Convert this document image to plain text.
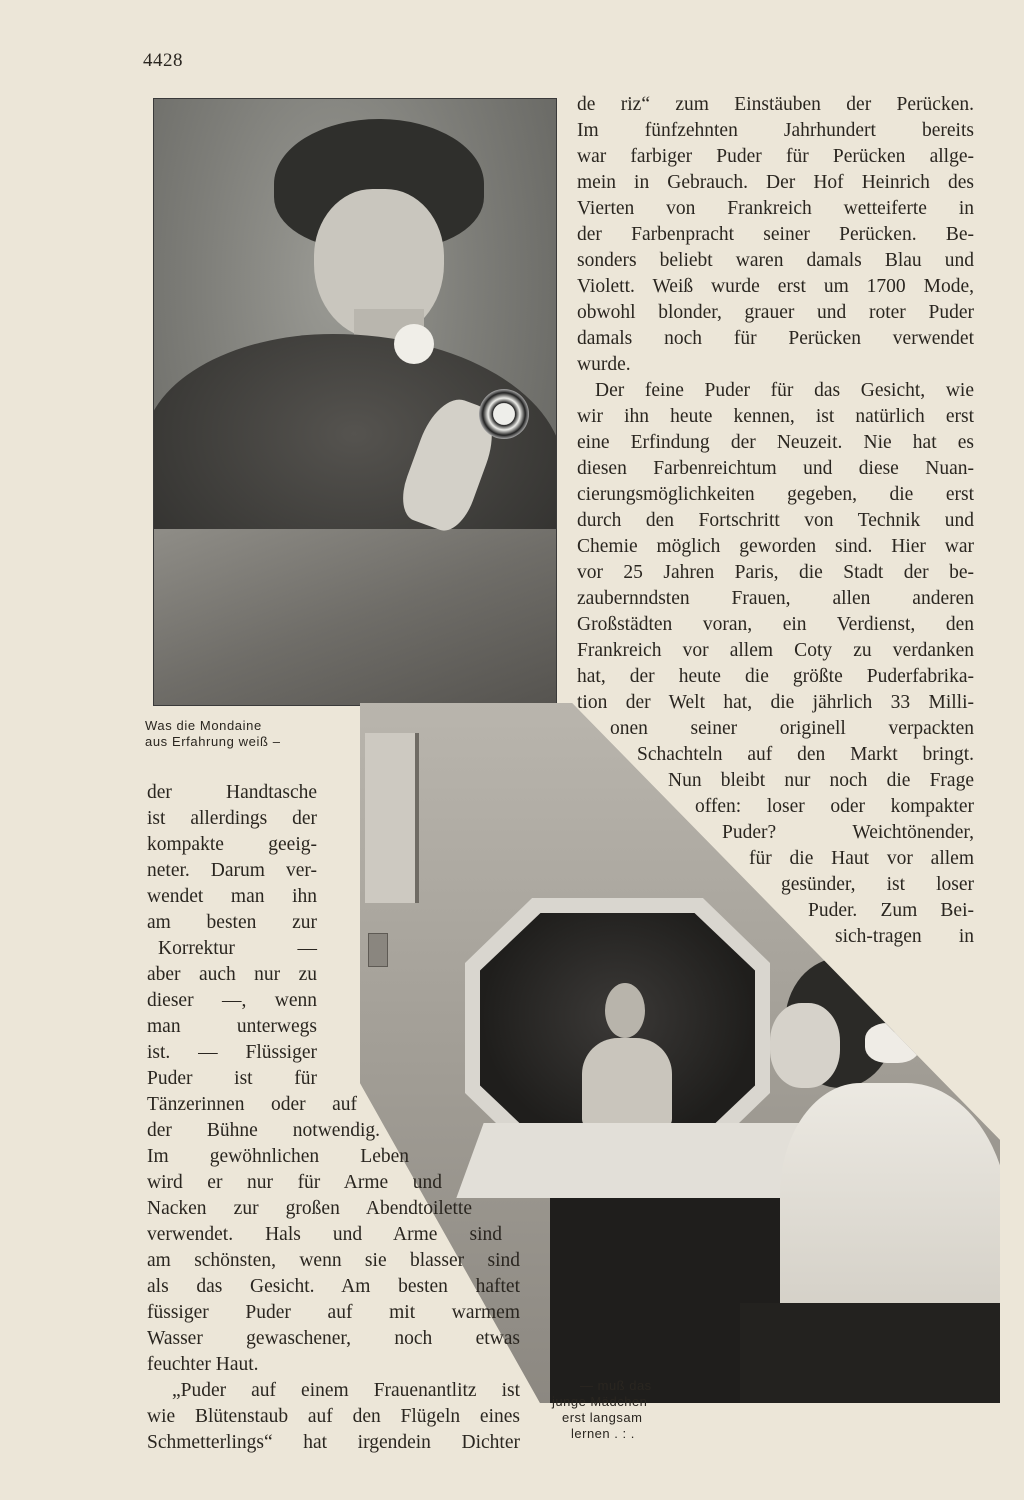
4428
Was die Mondaine
aus Erfahrung weiß –
— muß das
junge Mädchen
erst langsam
lernen . : .
de riz“ zum Einstäuben der Perücken.
Im fünfzehnten Jahrhundert bereits
war farbiger Puder für Perücken allge-
mein in Gebrauch. Der Hof Heinrich des
Vierten von Frankreich wetteiferte in
der Farbenpracht seiner Perücken. Be-
sonders beliebt waren damals Blau und
Violett. Weiß wurde erst um 1700 Mode,
obwohl blonder, grauer und roter Puder
damals noch für Perücken verwendet
wurde.
Der feine Puder für das Gesicht, wie
wir ihn heute kennen, ist natürlich erst
eine Erfindung der Neuzeit. Nie hat es
diesen Farbenreichtum und diese Nuan-
cierungsmöglichkeiten gegeben, die erst
durch den Fortschritt von Technik und
Chemie möglich geworden sind. Hier war
vor 25 Jahren Paris, die Stadt der be-
zaubernndsten Frauen, allen anderen
Großstädten voran, ein Verdienst, den
Frankreich vor allem Coty zu verdanken
hat, der heute die größte Puderfabrika-
tion der Welt hat, die jährlich 33 Milli-
onen seiner originell verpackten
Schachteln auf den Markt bringt.
Nun bleibt nur noch die Frage
offen: loser oder kompakter
Puder? Weichtönender,
für die Haut vor allem
gesünder, ist loser
Puder. Zum Bei-
sich-tragen in
der Handtasche
ist allerdings der
kompakte geeig-
neter. Darum ver-
wendet man ihn
am besten zur
Korrektur —
aber auch nur zu
dieser —, wenn
man unterwegs
ist. — Flüssiger
Puder ist für
Tänzerinnen oder auf
der Bühne notwendig.
Im gewöhnlichen Leben
wird er nur für Arme und
Nacken zur großen Abendtoilette
verwendet. Hals und Arme sind
am schönsten, wenn sie blasser sind
als das Gesicht. Am besten haftet
füssiger Puder auf mit warmem
Wasser gewaschener, noch etwas
feuchter Haut.
„Puder auf einem Frauenantlitz ist
wie Blütenstaub auf den Flügeln eines
Schmetterlings“ hat irgendein Dichter
